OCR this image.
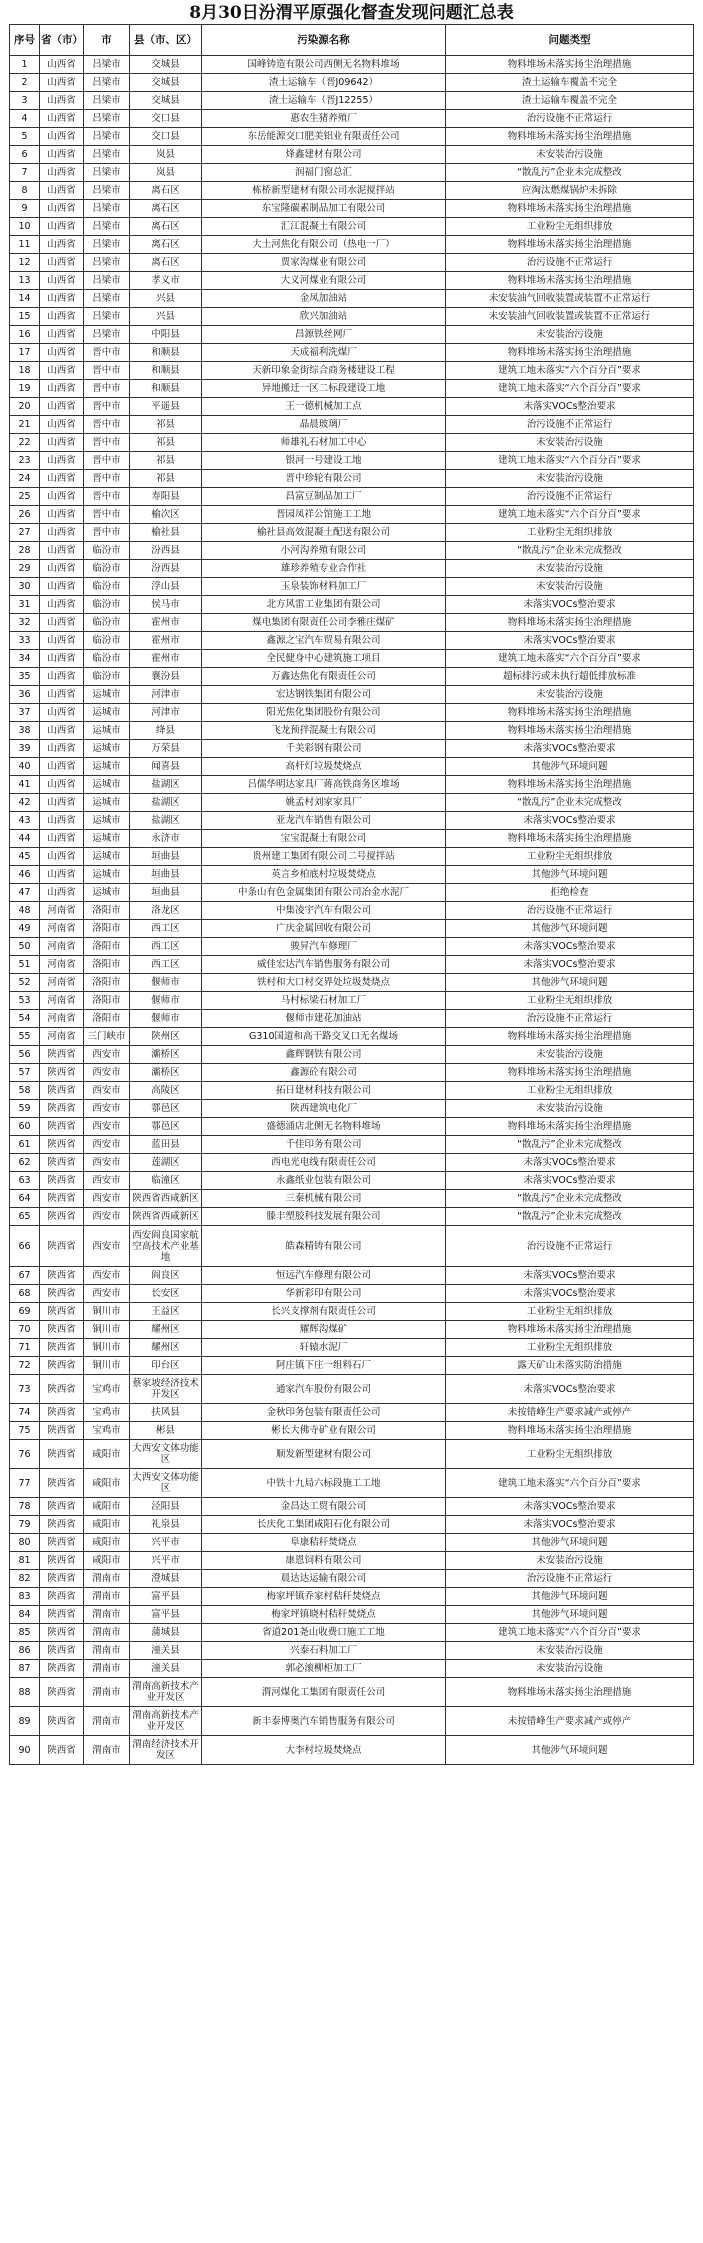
8月30日汾渭平原强化督查发现问题汇总表
序号	省（市）	市	县（市、区）	污染源名称	问题类型
1	山西省	吕梁市	交城县	国峰铸造有限公司西侧无名物料堆场	物料堆场未落实扬尘治理措施
2	山西省	吕梁市	交城县	渣土运输车（晋J09642）	渣土运输车覆盖不完全
3	山西省	吕梁市	交城县	渣土运输车（晋J12255）	渣土运输车覆盖不完全
4	山西省	吕梁市	交口县	惠农生猪养殖厂	治污设施不正常运行
5	山西省	吕梁市	交口县	东岳能源交口肥美铝业有限责任公司	物料堆场未落实扬尘治理措施
6	山西省	吕梁市	岚县	烽鑫建材有限公司	未安装治污设施
7	山西省	吕梁市	岚县	润福门窗总汇	“散乱污”企业未完成整改
8	山西省	吕梁市	离石区	栋桥新型建材有限公司水泥搅拌站	应淘汰燃煤锅炉未拆除
9	山西省	吕梁市	离石区	东宝隆碳素制品加工有限公司	物料堆场未落实扬尘治理措施
10	山西省	吕梁市	离石区	汇江混凝土有限公司	工业粉尘无组织排放
11	山西省	吕梁市	离石区	大土河焦化有限公司（热电一厂）	物料堆场未落实扬尘治理措施
12	山西省	吕梁市	离石区	贾家沟煤业有限公司	治污设施不正常运行
13	山西省	吕梁市	孝义市	大义河煤业有限公司	物料堆场未落实扬尘治理措施
14	山西省	吕梁市	兴县	金凤加油站	未安装油气回收装置或装置不正常运行
15	山西省	吕梁市	兴县	欣兴加油站	未安装油气回收装置或装置不正常运行
16	山西省	吕梁市	中阳县	昌源铁丝网厂	未安装治污设施
17	山西省	晋中市	和顺县	天成福利洗煤厂	物料堆场未落实扬尘治理措施
18	山西省	晋中市	和顺县	天新印象金街综合商务楼建设工程	建筑工地未落实“六个百分百”要求
19	山西省	晋中市	和顺县	异地搬迁一区二标段建设工地	建筑工地未落实“六个百分百”要求
20	山西省	晋中市	平遥县	王一德机械加工点	未落实VOCs整治要求
21	山西省	晋中市	祁县	晶晨玻璃厂	治污设施不正常运行
22	山西省	晋中市	祁县	师雄礼石材加工中心	未安装治污设施
23	山西省	晋中市	祁县	银河一号建设工地	建筑工地未落实“六个百分百”要求
24	山西省	晋中市	祁县	晋中珍轮有限公司	未安装治污设施
25	山西省	晋中市	寿阳县	昌富豆制品加工厂	治污设施不正常运行
26	山西省	晋中市	榆次区	晋园凤祥公馆施工工地	建筑工地未落实“六个百分百”要求
27	山西省	晋中市	榆社县	榆社县高效混凝土配送有限公司	工业粉尘无组织排放
28	山西省	临汾市	汾西县	小河沟养殖有限公司	“散乱污”企业未完成整改
29	山西省	临汾市	汾西县	雄珍养殖专业合作社	未安装治污设施
30	山西省	临汾市	浮山县	玉泉装饰材料加工厂	未安装治污设施
31	山西省	临汾市	侯马市	北方风雷工业集团有限公司	未落实VOCs整治要求
32	山西省	临汾市	霍州市	煤电集团有限责任公司李雅庄煤矿	物料堆场未落实扬尘治理措施
33	山西省	临汾市	霍州市	鑫源之宝汽车贸易有限公司	未落实VOCs整治要求
34	山西省	临汾市	霍州市	全民健身中心建筑施工项目	建筑工地未落实“六个百分百”要求
35	山西省	临汾市	襄汾县	万鑫达焦化有限责任公司	超标排污或未执行超低排放标准
36	山西省	运城市	河津市	宏达钢铁集团有限公司	未安装治污设施
37	山西省	运城市	河津市	阳光焦化集团股份有限公司	物料堆场未落实扬尘治理措施
38	山西省	运城市	绛县	飞龙预拌混凝土有限公司	物料堆场未落实扬尘治理措施
39	山西省	运城市	万荣县	千美彩钢有限公司	未落实VOCs整治要求
40	山西省	运城市	闻喜县	高杆灯垃圾焚烧点	其他涉气环境问题
41	山西省	运城市	盐湖区	吕儒华明达家具厂蒋高铁商务区堆场	物料堆场未落实扬尘治理措施
42	山西省	运城市	盐湖区	姚孟村刘家家具厂	“散乱污”企业未完成整改
43	山西省	运城市	盐湖区	亚龙汽车销售有限公司	未落实VOCs整治要求
44	山西省	运城市	永济市	宝宝混凝土有限公司	物料堆场未落实扬尘治理措施
45	山西省	运城市	垣曲县	贵州建工集团有限公司二号搅拌站	工业粉尘无组织排放
46	山西省	运城市	垣曲县	英言乡柏底村垃圾焚烧点	其他涉气环境问题
47	山西省	运城市	垣曲县	中条山有色金属集团有限公司冶金水泥厂	拒绝检查
48	河南省	洛阳市	洛龙区	中集凌宇汽车有限公司	治污设施不正常运行
49	河南省	洛阳市	西工区	广庆金属回收有限公司	其他涉气环境问题
50	河南省	洛阳市	西工区	骏昇汽车修理厂	未落实VOCs整治要求
51	河南省	洛阳市	西工区	威佳宏达汽车销售服务有限公司	未落实VOCs整治要求
52	河南省	洛阳市	偃师市	铁村和大口村交界处垃圾焚烧点	其他涉气环境问题
53	河南省	洛阳市	偃师市	马村标梁石材加工厂	工业粉尘无组织排放
54	河南省	洛阳市	偃师市	偃师市建花加油站	治污设施不正常运行
55	河南省	三门峡市	陕州区	G310国道和高干路交叉口无名煤场	物料堆场未落实扬尘治理措施
56	陕西省	西安市	灞桥区	鑫辉钢铁有限公司	未安装治污设施
57	陕西省	西安市	灞桥区	鑫源砼有限公司	物料堆场未落实扬尘治理措施
58	陕西省	西安市	高陵区	拓日建材科技有限公司	工业粉尘无组织排放
59	陕西省	西安市	鄠邑区	陕西建筑电化厂	未安装治污设施
60	陕西省	西安市	鄠邑区	盛德涌店北侧无名物料堆场	物料堆场未落实扬尘治理措施
61	陕西省	西安市	蓝田县	千佳印务有限公司	“散乱污”企业未完成整改
62	陕西省	西安市	莲湖区	西电光电线有限责任公司	未落实VOCs整治要求
63	陕西省	西安市	临潼区	永鑫纸业包装有限公司	未落实VOCs整治要求
64	陕西省	西安市	陕西省西咸新区	三秦机械有限公司	“散乱污”企业未完成整改
65	陕西省	西安市	陕西省西咸新区	滕丰塑胶科技发展有限公司	“散乱污”企业未完成整改
66	陕西省	西安市	西安阎良国家航空高技术产业基地	皓森精铸有限公司	治污设施不正常运行
67	陕西省	西安市	阎良区	恒远汽车修理有限公司	未落实VOCs整治要求
68	陕西省	西安市	长安区	华新彩印有限公司	未落实VOCs整治要求
69	陕西省	铜川市	王益区	长兴支撑剂有限责任公司	工业粉尘无组织排放
70	陕西省	铜川市	耀州区	耀辉沟煤矿	物料堆场未落实扬尘治理措施
71	陕西省	铜川市	耀州区	轩辕水泥厂	工业粉尘无组织排放
72	陕西省	铜川市	印台区	阿庄镇下庄一组料石厂	露天矿山未落实防治措施
73	陕西省	宝鸡市	蔡家坡经济技术开发区	通家汽车股份有限公司	未落实VOCs整治要求
74	陕西省	宝鸡市	扶风县	金秋印务包装有限责任公司	未按错峰生产要求减产或停产
75	陕西省	宝鸡市	彬县	彬长大佛寺矿业有限公司	物料堆场未落实扬尘治理措施
76	陕西省	咸阳市	大西安文体功能区	顺发新型建材有限公司	工业粉尘无组织排放
77	陕西省	咸阳市	大西安文体功能区	中铁十九局六标段施工工地	建筑工地未落实“六个百分百”要求
78	陕西省	咸阳市	泾阳县	金昌达工贸有限公司	未落实VOCs整治要求
79	陕西省	咸阳市	礼泉县	长庆化工集团咸阳石化有限公司	未落实VOCs整治要求
80	陕西省	咸阳市	兴平市	阜康秸秆焚烧点	其他涉气环境问题
81	陕西省	咸阳市	兴平市	康恩饲料有限公司	未安装治污设施
82	陕西省	渭南市	澄城县	晨达达运输有限公司	治污设施不正常运行
83	陕西省	渭南市	富平县	梅家坪镇乔家村秸秆焚烧点	其他涉气环境问题
84	陕西省	渭南市	富平县	梅家坪镇晓村秸秆焚烧点	其他涉气环境问题
85	陕西省	渭南市	蒲城县	省道201尧山收费口施工工地	建筑工地未落实“六个百分百”要求
86	陕西省	渭南市	潼关县	兴泰石料加工厂	未安装治污设施
87	陕西省	渭南市	潼关县	郭必滚柳柜加工厂	未安装治污设施
88	陕西省	渭南市	渭南高新技术产业开发区	渭河煤化工集团有限责任公司	物料堆场未落实扬尘治理措施
89	陕西省	渭南市	渭南高新技术产业开发区	新丰泰博奥汽车销售服务有限公司	未按错峰生产要求减产或停产
90	陕西省	渭南市	渭南经济技术开发区	大李村垃圾焚烧点	其他涉气环境问题
